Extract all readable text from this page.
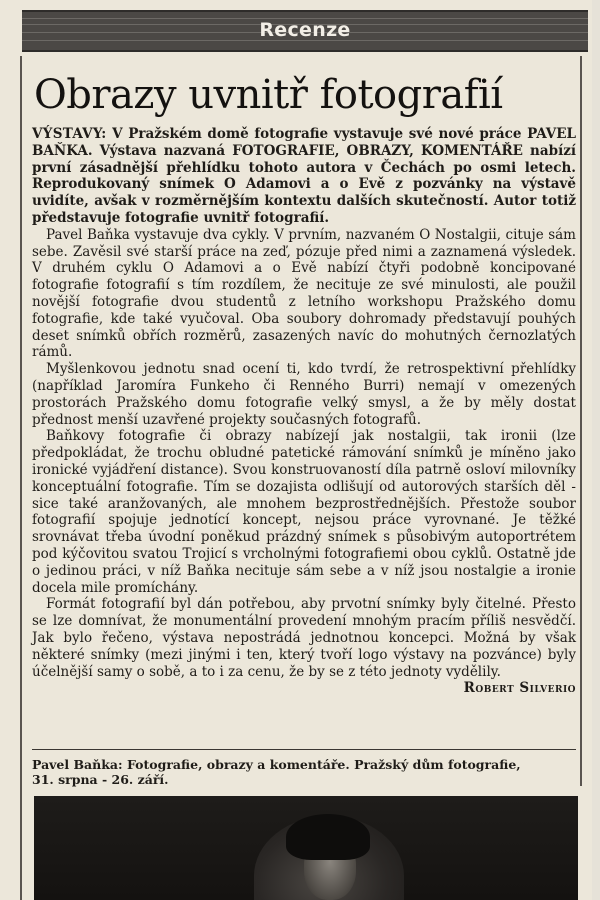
Recenze
Obrazy uvnitř fotografií

VÝSTAVY: V Pražském domě fotografie vystavuje své nové práce PAVEL BAŇKA. Výstava nazvaná FOTOGRAFIE, OBRAZY, KOMENTÁŘE nabízí první zásadnější přehlídku tohoto autora v Čechách po osmi letech. Reprodukovaný snímek O Adamovi a o Evě z pozvánky na výstavě uvidíte, avšak v rozměrnějším kontextu dalších skutečností. Autor totiž představuje fotografie uvnitř fotografií.

Pavel Baňka vystavuje dva cykly. V prvním, nazvaném O Nostalgii, cituje sám sebe. Zavěsil své starší práce na zeď, pózuje před nimi a zaznamená výsledek. V druhém cyklu O Adamovi a o Evě nabízí čtyři podobně koncipované fotografie fotografií s tím rozdílem, že necituje ze své minulosti, ale použil novější fotografie dvou studentů z letního workshopu Pražského domu fotografie, kde také vyučoval. Oba soubory dohromady představují pouhých deset snímků obřích rozměrů, zasazených navíc do mohutných černozlatých rámů.

Myšlenkovou jednotu snad ocení ti, kdo tvrdí, že retrospektivní přehlídky (například Jaromíra Funkeho či Renného Burri) nemají v omezených prostorách Pražského domu fotografie velký smysl, a že by měly dostat přednost menší uzavřené projekty současných fotografů.

Baňkovy fotografie či obrazy nabízejí jak nostalgii, tak ironii (lze předpokládat, že trochu obludné patetické rámování snímků je míněno jako ironické vyjádření distance). Svou konstruovaností díla patrně osloví milovníky konceptuální fotografie. Tím se dozajista odlišují od autorových starších děl - sice také aranžovaných, ale mnohem bezprostřednějších. Přestože soubor fotografií spojuje jednotící koncept, nejsou práce vyrovnané. Je těžké srovnávat třeba úvodní poněkud prázdný snímek s působivým autoportrétem pod kýčovitou svatou Trojicí s vrcholnými fotografiemi obou cyklů. Ostatně jde o jedinou práci, v níž Baňka necituje sám sebe a v níž jsou nostalgie a ironie docela mile promíchány.

Formát fotografií byl dán potřebou, aby prvotní snímky byly čitelné. Přesto se lze domnívat, že monumentální provedení mnohým pracím příliš nesvědčí. Jak bylo řečeno, výstava nepostrádá jednotnou koncepci. Možná by však některé snímky (mezi jinými i ten, který tvoří logo výstavy na pozvánce) byly účelnější samy o sobě, a to i za cenu, že by se z této jednoty vydělily.

Robert Silverio
Pavel Baňka: Fotografie, obrazy a komentáře. Pražský dům fotografie,
31. srpna - 26. září.
